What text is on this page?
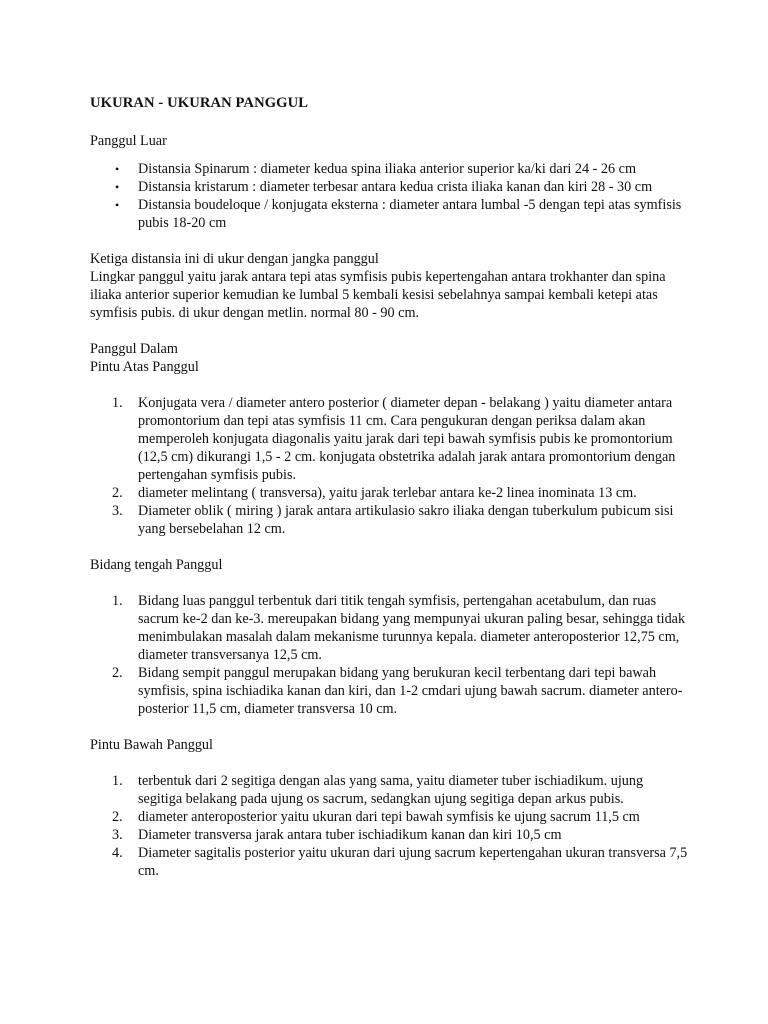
UKURAN - UKURAN PANGGUL

Panggul Luar

• Distansia Spinarum : diameter kedua spina iliaka anterior superior ka/ki dari 24 - 26 cm
• Distansia kristarum : diameter terbesar antara kedua crista iliaka kanan dan kiri 28 - 30 cm
• Distansia boudeloque / konjugata eksterna : diameter antara lumbal -5 dengan tepi atas symfisis pubis 18-20 cm

Ketiga distansia ini di ukur dengan jangka panggul

Lingkar panggul yaitu jarak antara tepi atas symfisis pubis kepertengahan antara trokhanter dan spina iliaka anterior superior kemudian ke lumbal 5 kembali kesisi sebelahnya sampai kembali ketepi atas symfisis pubis. di ukur dengan metlin. normal 80 - 90 cm.

Panggul Dalam

Pintu Atas Panggul

1. Konjugata vera / diameter antero posterior ( diameter depan - belakang ) yaitu diameter antara promontorium dan tepi atas symfisis 11 cm. Cara pengukuran dengan periksa dalam akan memperoleh konjugata diagonalis yaitu jarak dari tepi bawah symfisis pubis ke promontorium (12,5 cm) dikurangi 1,5 - 2 cm. konjugata obstetrika adalah jarak antara promontorium dengan pertengahan symfisis pubis.
2. diameter melintang ( transversa), yaitu jarak terlebar antara ke-2 linea inominata 13 cm.
3. Diameter oblik ( miring ) jarak antara artikulasio sakro iliaka dengan tuberkulum pubicum sisi yang bersebelahan 12 cm.

Bidang tengah Panggul

1. Bidang luas panggul terbentuk dari titik tengah symfisis, pertengahan acetabulum, dan ruas sacrum ke-2 dan ke-3. mereupakan bidang yang mempunyai ukuran paling besar, sehingga tidak menimbulakan masalah dalam mekanisme turunnya kepala. diameter anteroposterior 12,75 cm, diameter transversanya 12,5 cm.
2. Bidang sempit panggul merupakan bidang yang berukuran kecil terbentang dari tepi bawah symfisis, spina ischiadika kanan dan kiri, dan 1-2 cmdari ujung bawah sacrum. diameter antero-posterior 11,5 cm, diameter transversa 10 cm.

Pintu Bawah Panggul

1. terbentuk dari 2 segitiga dengan alas yang sama, yaitu diameter tuber ischiadikum. ujung segitiga belakang pada ujung os sacrum, sedangkan ujung segitiga depan arkus pubis.
2. diameter anteroposterior yaitu ukuran dari tepi bawah symfisis ke ujung sacrum 11,5 cm
3. Diameter transversa jarak antara tuber ischiadikum kanan dan kiri 10,5 cm
4. Diameter sagitalis posterior yaitu ukuran dari ujung sacrum kepertengahan ukuran transversa 7,5 cm.
